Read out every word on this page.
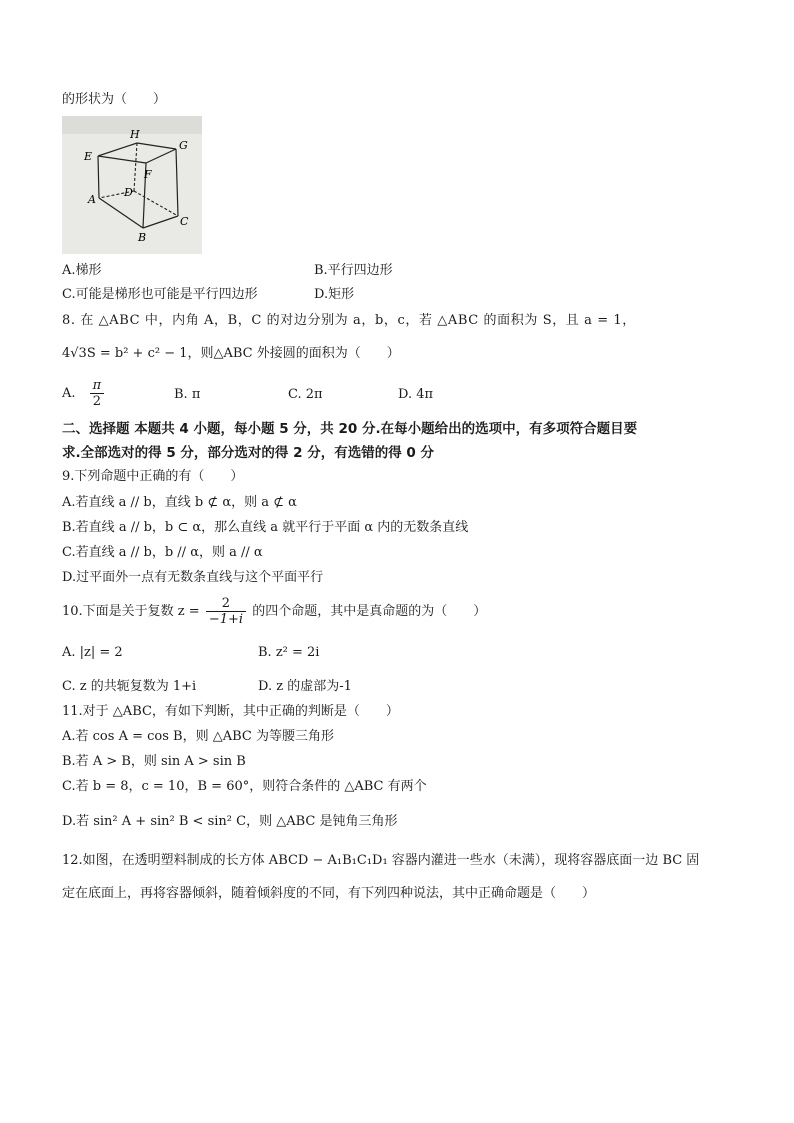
的形状为（　　）
H
G
E
F
D
A
C
B
A.梯形	B.平行四边形
C.可能是梯形也可能是平行四边形	D.矩形
8. 在 △ABC 中，内角 A，B，C 的对边分别为 a，b，c，若 △ABC 的面积为 S，且 a = 1，
4√3S = b² + c² − 1，则△ABC 外接圆的面积为（　　）
A. $\frac{\pi}{2}$	B. π	C. 2π	D. 4π
二、选择题 本题共 4 小题，每小题 5 分，共 20 分.在每小题给出的选项中，有多项符合题目要
求.全部选对的得 5 分，部分选对的得 2 分，有选错的得 0 分
9.下列命题中正确的有（　　）
A.若直线 a // b，直线 b ⊄ α，则 a ⊄ α
B.若直线 a // b，b ⊂ α，那么直线 a 就平行于平面 α 内的无数条直线
C.若直线 a // b，b // α，则 a // α
D.过平面外一点有无数条直线与这个平面平行
10.下面是关于复数 $z = \frac{2}{-1+i}$ 的四个命题，其中是真命题的为（　　）
A. |z| = 2	B. z² = 2i
C. z 的共轭复数为 1+i	D. z 的虚部为-1
11.对于 △ABC，有如下判断，其中正确的判断是（　　）
A.若 cos A = cos B，则 △ABC 为等腰三角形
B.若 A > B，则 sin A > sin B
C.若 b = 8，c = 10，B = 60°，则符合条件的 △ABC 有两个
D.若 sin² A + sin² B < sin² C，则 △ABC 是钝角三角形
12.如图，在透明塑料制成的长方体 ABCD − A₁B₁C₁D₁ 容器内灌进一些水（未满），现将容器底面一边 BC 固
定在底面上，再将容器倾斜，随着倾斜度的不同，有下列四种说法，其中正确命题是（　　）
